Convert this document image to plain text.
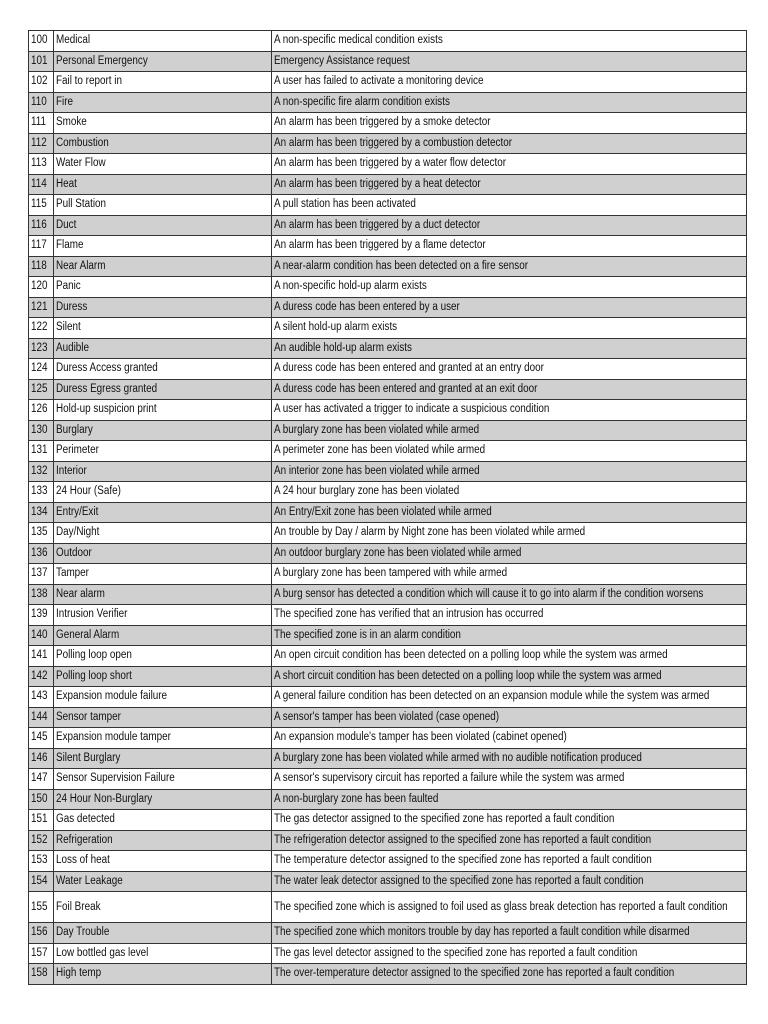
100	Medical	A non-specific medical condition exists
101	Personal Emergency	Emergency Assistance request
102	Fail to report in	A user has failed to activate a monitoring device
110	Fire	A non-specific fire alarm condition exists
111	Smoke	An alarm has been triggered by a smoke detector
112	Combustion	An alarm has been triggered by a combustion detector
113	Water Flow	An alarm has been triggered by a water flow detector
114	Heat	An alarm has been triggered by a heat detector
115	Pull Station	A pull station has been activated
116	Duct	An alarm has been triggered by a duct detector
117	Flame	An alarm has been triggered by a flame detector
118	Near Alarm	A near-alarm condition has been detected on a fire sensor
120	Panic	A non-specific hold-up alarm exists
121	Duress	A duress code has been entered by a user
122	Silent	A silent hold-up alarm exists
123	Audible	An audible hold-up alarm exists
124	Duress Access granted	A duress code has been entered and granted at an entry door
125	Duress Egress granted	A duress code has been entered and granted at an exit door
126	Hold-up suspicion print	A user has activated a trigger to indicate a suspicious condition
130	Burglary	A burglary zone has been violated while armed
131	Perimeter	A perimeter zone has been violated while armed
132	Interior	An interior zone has been violated while armed
133	24 Hour (Safe)	A 24 hour burglary zone has been violated
134	Entry/Exit	An Entry/Exit zone has been violated while armed
135	Day/Night	An trouble by Day / alarm by Night zone has been violated while armed
136	Outdoor	An outdoor burglary zone has been violated while armed
137	Tamper	A burglary zone has been tampered with while armed
138	Near alarm	A burg sensor has detected a condition which will cause it to go into alarm if the condition worsens
139	Intrusion Verifier	The specified zone has verified that an intrusion has occurred
140	General Alarm	The specified zone is in an alarm condition
141	Polling loop open	An open circuit condition has been detected on a polling loop while the system was armed
142	Polling loop short	A short circuit condition has been detected on a polling loop while the system was armed
143	Expansion module failure	A general failure condition has been detected on an expansion module while the system was armed
144	Sensor tamper	A sensor's tamper has been violated (case opened)
145	Expansion module tamper	An expansion module's tamper has been violated (cabinet opened)
146	Silent Burglary	A burglary zone has been violated while armed with no audible notification produced
147	Sensor Supervision Failure	A sensor's supervisory circuit has reported a failure while the system was armed
150	24 Hour Non-Burglary	A non-burglary zone has been faulted
151	Gas detected	The gas detector assigned to the specified zone has reported a fault condition
152	Refrigeration	The refrigeration detector assigned to the specified zone has reported a fault condition
153	Loss of heat	The temperature detector assigned to the specified zone has reported a fault condition
154	Water Leakage	The water leak detector assigned to the specified zone has reported a fault condition
155	Foil Break	The specified zone which is assigned to foil used as glass break detection has reported a fault condition
156	Day Trouble	The specified zone which monitors trouble by day has reported a fault condition while disarmed
157	Low bottled gas level	The gas level detector assigned to the specified zone has reported a fault condition
158	High temp	The over-temperature detector assigned to the specified zone has reported a fault condition
